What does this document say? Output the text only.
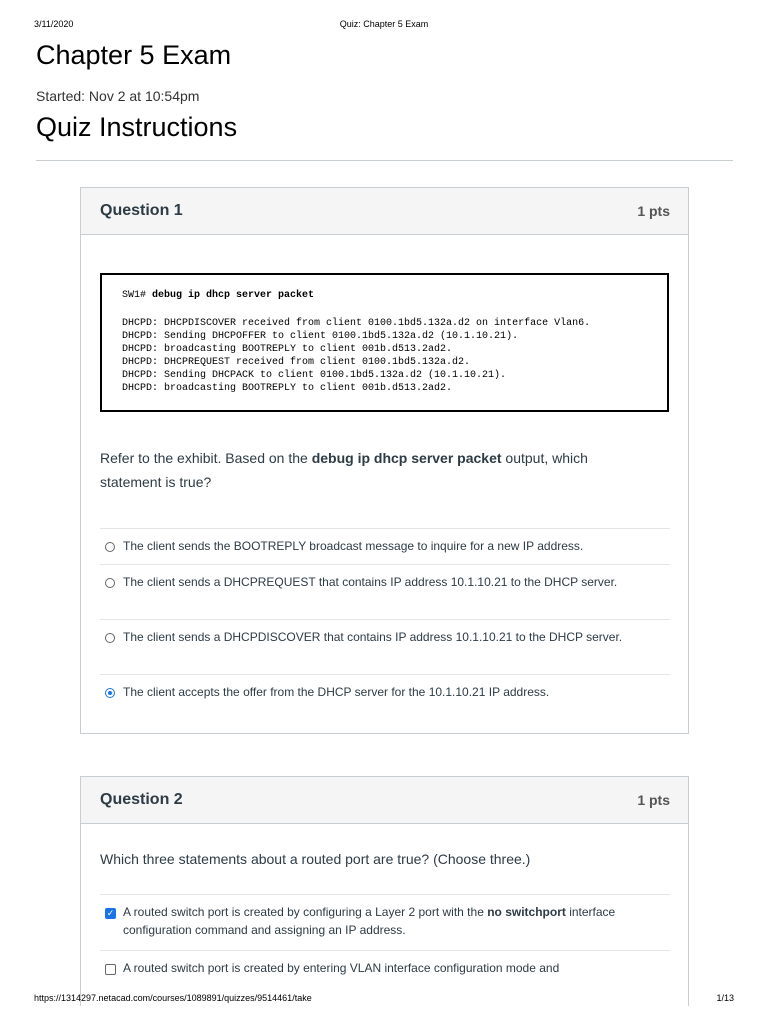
3/11/2020	Quiz: Chapter 5 Exam
Chapter 5 Exam
Started: Nov 2 at 10:54pm
Quiz Instructions
Question 1	1 pts
SW1# debug ip dhcp server packet
DHCPD: DHCPDISCOVER received from client 0100.1bd5.132a.d2 on interface Vlan6.
DHCPD: Sending DHCPOFFER to client 0100.1bd5.132a.d2 (10.1.10.21).
DHCPD: broadcasting BOOTREPLY to client 001b.d513.2ad2.
DHCPD: DHCPREQUEST received from client 0100.1bd5.132a.d2.
DHCPD: Sending DHCPACK to client 0100.1bd5.132a.d2 (10.1.10.21).
DHCPD: broadcasting BOOTREPLY to client 001b.d513.2ad2.
Refer to the exhibit. Based on the debug ip dhcp server packet output, which statement is true?
The client sends the BOOTREPLY broadcast message to inquire for a new IP address.
The client sends a DHCPREQUEST that contains IP address 10.1.10.21 to the DHCP server.
The client sends a DHCPDISCOVER that contains IP address 10.1.10.21 to the DHCP server.
The client accepts the offer from the DHCP server for the 10.1.10.21 IP address.
Question 2	1 pts
Which three statements about a routed port are true? (Choose three.)
✓ A routed switch port is created by configuring a Layer 2 port with the no switchport interface configuration command and assigning an IP address.
A routed switch port is created by entering VLAN interface configuration mode and
https://1314297.netacad.com/courses/1089891/quizzes/9514461/take	1/13
